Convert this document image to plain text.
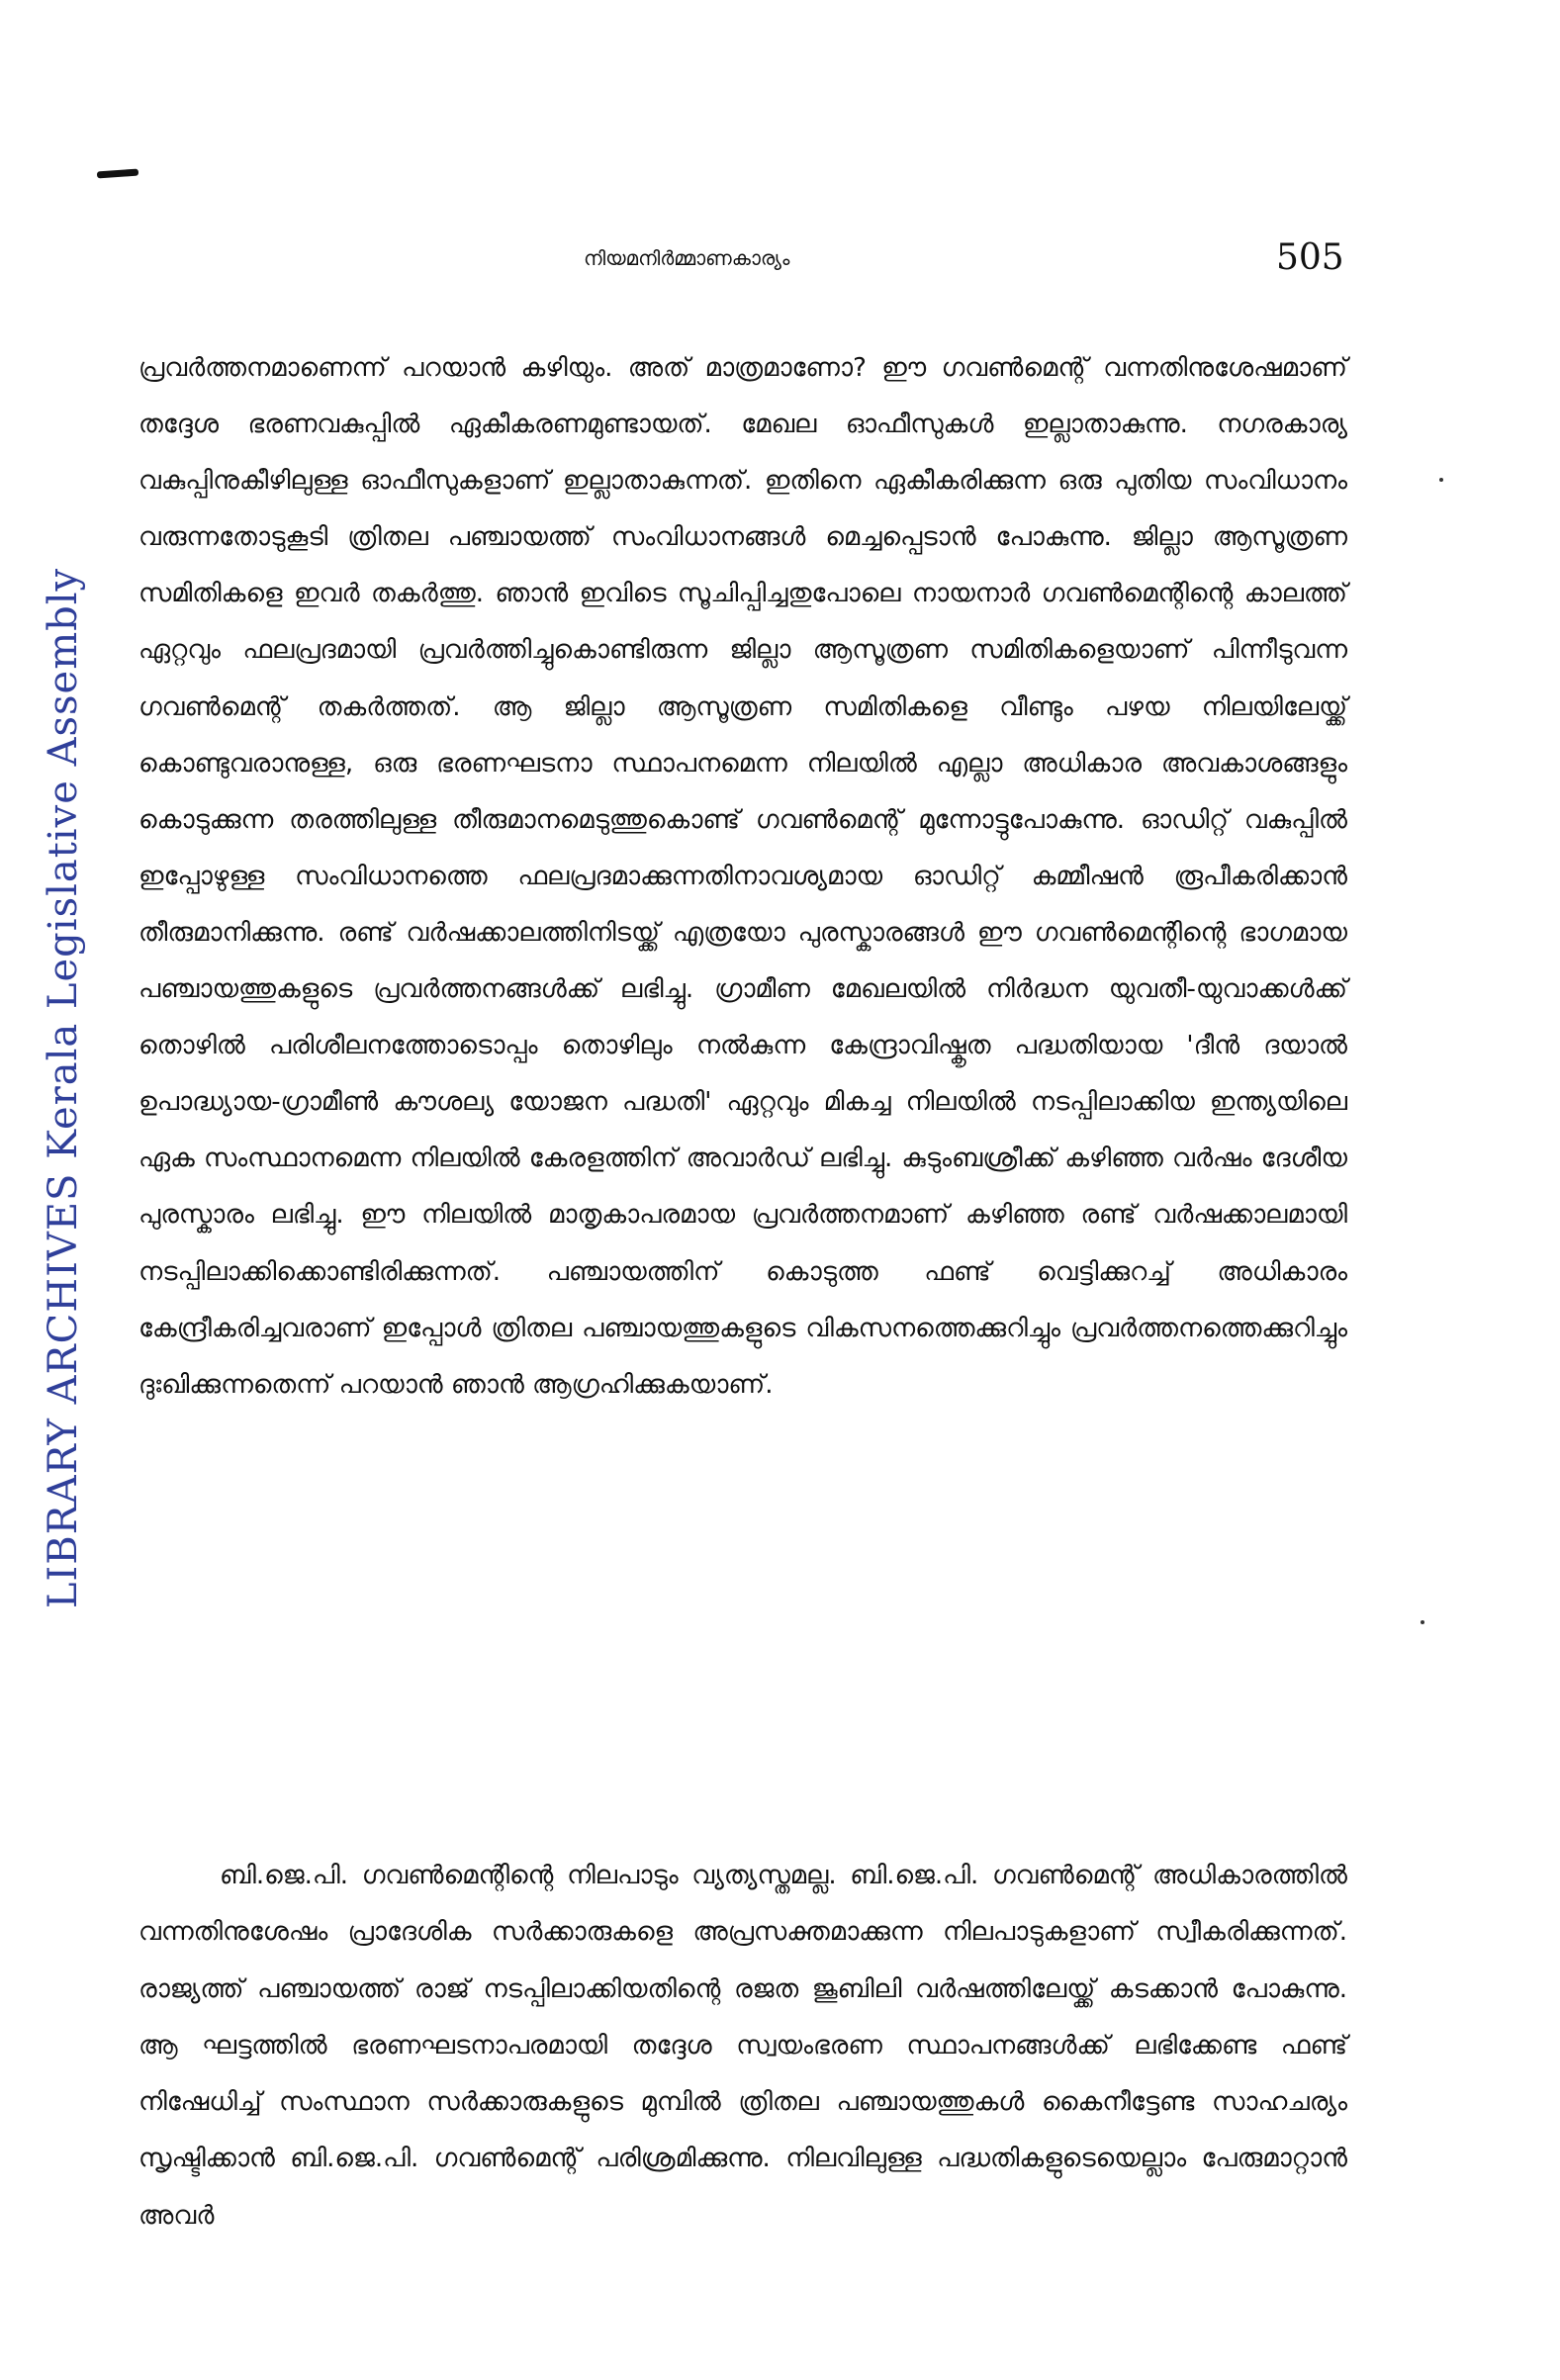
LIBRARY ARCHIVES Kerala Legislative Assembly
നിയമനിർമ്മാണകാര്യം	505

പ്രവർത്തനമാണെന്ന് പറയാൻ കഴിയും. അത് മാത്രമാണോ? ഈ ഗവൺമെന്റ് വന്നതിനുശേഷമാണ് തദ്ദേശ ഭരണവകുപ്പിൽ ഏകീകരണമുണ്ടായത്. മേഖല ഓഫീസുകൾ ഇല്ലാതാകുന്നു. നഗരകാര്യ വകുപ്പിനുകീഴിലുള്ള ഓഫീസുകളാണ് ഇല്ലാതാകുന്നത്. ഇതിനെ ഏകീകരിക്കുന്ന ഒരു പുതിയ സംവിധാനം വരുന്നതോടുകൂടി ത്രിതല പഞ്ചായത്ത് സംവിധാനങ്ങൾ മെച്ചപ്പെടാൻ പോകുന്നു. ജില്ലാ ആസൂത്രണ സമിതികളെ ഇവർ തകർത്തു. ഞാൻ ഇവിടെ സൂചിപ്പിച്ചതുപോലെ നായനാർ ഗവൺമെന്റിന്റെ കാലത്ത് ഏറ്റവും ഫലപ്രദമായി പ്രവർത്തിച്ചുകൊണ്ടിരുന്ന ജില്ലാ ആസൂത്രണ സമിതികളെയാണ് പിന്നീടുവന്ന ഗവൺമെന്റ് തകർത്തത്. ആ ജില്ലാ ആസൂത്രണ സമിതികളെ വീണ്ടും പഴയ നിലയിലേയ്ക്ക് കൊണ്ടുവരാനുള്ള, ഒരു ഭരണഘടനാ സ്ഥാപനമെന്ന നിലയിൽ എല്ലാ അധികാര അവകാശങ്ങളും കൊടുക്കുന്ന തരത്തിലുള്ള തീരുമാനമെടുത്തുകൊണ്ട് ഗവൺമെന്റ് മുന്നോട്ടുപോകുന്നു. ഓഡിറ്റ് വകുപ്പിൽ ഇപ്പോഴുള്ള സംവിധാനത്തെ ഫലപ്രദമാക്കുന്നതിനാവശ്യമായ ഓഡിറ്റ് കമ്മീഷൻ രൂപീകരിക്കാൻ തീരുമാനിക്കുന്നു. രണ്ട് വർഷക്കാലത്തിനിടയ്ക്ക് എത്രയോ പുരസ്കാരങ്ങൾ ഈ ഗവൺമെന്റിന്റെ ഭാഗമായ പഞ്ചായത്തുകളുടെ പ്രവർത്തനങ്ങൾക്ക് ലഭിച്ചു. ഗ്രാമീണ മേഖലയിൽ നിർദ്ധന യുവതീ-യുവാക്കൾക്ക് തൊഴിൽ പരിശീലനത്തോടൊപ്പം തൊഴിലും നൽകുന്ന കേന്ദ്രാവിഷ്കൃത പദ്ധതിയായ 'ദീൻ ദയാൽ ഉപാദ്ധ്യായ-ഗ്രാമീൺ കൗശല്യ യോജന പദ്ധതി' ഏറ്റവും മികച്ച നിലയിൽ നടപ്പിലാക്കിയ ഇന്ത്യയിലെ ഏക സംസ്ഥാനമെന്ന നിലയിൽ കേരളത്തിന് അവാർഡ് ലഭിച്ചു. കുടുംബശ്രീക്ക് കഴിഞ്ഞ വർഷം ദേശീയ പുരസ്കാരം ലഭിച്ചു. ഈ നിലയിൽ മാതൃകാപരമായ പ്രവർത്തനമാണ് കഴിഞ്ഞ രണ്ട് വർഷക്കാലമായി നടപ്പിലാക്കിക്കൊണ്ടിരിക്കുന്നത്. പഞ്ചായത്തിന് കൊടുത്ത ഫണ്ട് വെട്ടിക്കുറച്ച് അധികാരം കേന്ദ്രീകരിച്ചവരാണ് ഇപ്പോൾ ത്രിതല പഞ്ചായത്തുകളുടെ വികസനത്തെക്കുറിച്ചും പ്രവർത്തനത്തെക്കുറിച്ചും ദുഃഖിക്കുന്നതെന്ന് പറയാൻ ഞാൻ ആഗ്രഹിക്കുകയാണ്.

ബി.ജെ.പി. ഗവൺമെന്റിന്റെ നിലപാടും വ്യത്യസ്തമല്ല. ബി.ജെ.പി. ഗവൺമെന്റ് അധികാരത്തിൽ വന്നതിനുശേഷം പ്രാദേശിക സർക്കാരുകളെ അപ്രസക്തമാക്കുന്ന നിലപാടുകളാണ് സ്വീകരിക്കുന്നത്. രാജ്യത്ത് പഞ്ചായത്ത് രാജ് നടപ്പിലാക്കിയതിന്റെ രജത ജൂബിലി വർഷത്തിലേയ്ക്ക് കടക്കാൻ പോകുന്നു. ആ ഘട്ടത്തിൽ ഭരണഘടനാപരമായി തദ്ദേശ സ്വയംഭരണ സ്ഥാപനങ്ങൾക്ക് ലഭിക്കേണ്ട ഫണ്ട് നിഷേധിച്ച് സംസ്ഥാന സർക്കാരുകളുടെ മുമ്പിൽ ത്രിതല പഞ്ചായത്തുകൾ കൈനീട്ടേണ്ട സാഹചര്യം സൃഷ്ടിക്കാൻ ബി.ജെ.പി. ഗവൺമെന്റ് പരിശ്രമിക്കുന്നു. നിലവിലുള്ള പദ്ധതികളുടെയെല്ലാം പേരുമാറ്റാൻ അവർ
